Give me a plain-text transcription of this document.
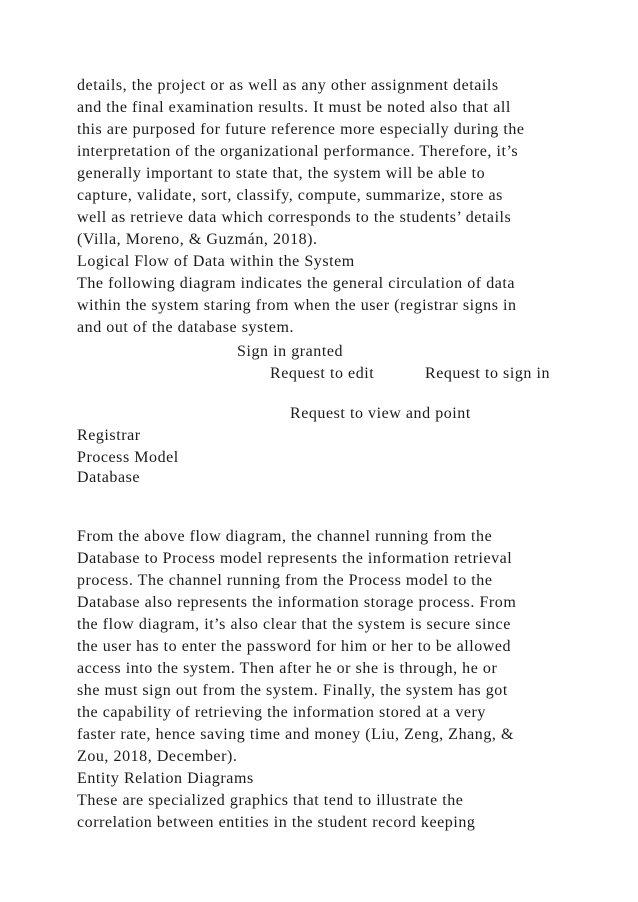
details, the project or as well as any other assignment details
and the final examination results. It must be noted also that all
this are purposed for future reference more especially during the
interpretation of the organizational performance. Therefore, it’s
generally important to state that, the system will be able to
capture, validate, sort, classify, compute, summarize, store as
well as retrieve data which corresponds to the students’ details
(Villa, Moreno, & Guzmán, 2018).
Logical Flow of Data within the System
The following diagram indicates the general circulation of data
within the system staring from when the user (registrar signs in
and out of the database system.
Sign in granted
Request to edit	Request to sign in
Request to view and point
Registrar
Process Model
Database
From the above flow diagram, the channel running from the
Database to Process model represents the information retrieval
process. The channel running from the Process model to the
Database also represents the information storage process. From
the flow diagram, it’s also clear that the system is secure since
the user has to enter the password for him or her to be allowed
access into the system. Then after he or she is through, he or
she must sign out from the system. Finally, the system has got
the capability of retrieving the information stored at a very
faster rate, hence saving time and money (Liu, Zeng, Zhang, &
Zou, 2018, December).
Entity Relation Diagrams
These are specialized graphics that tend to illustrate the
correlation between entities in the student record keeping
